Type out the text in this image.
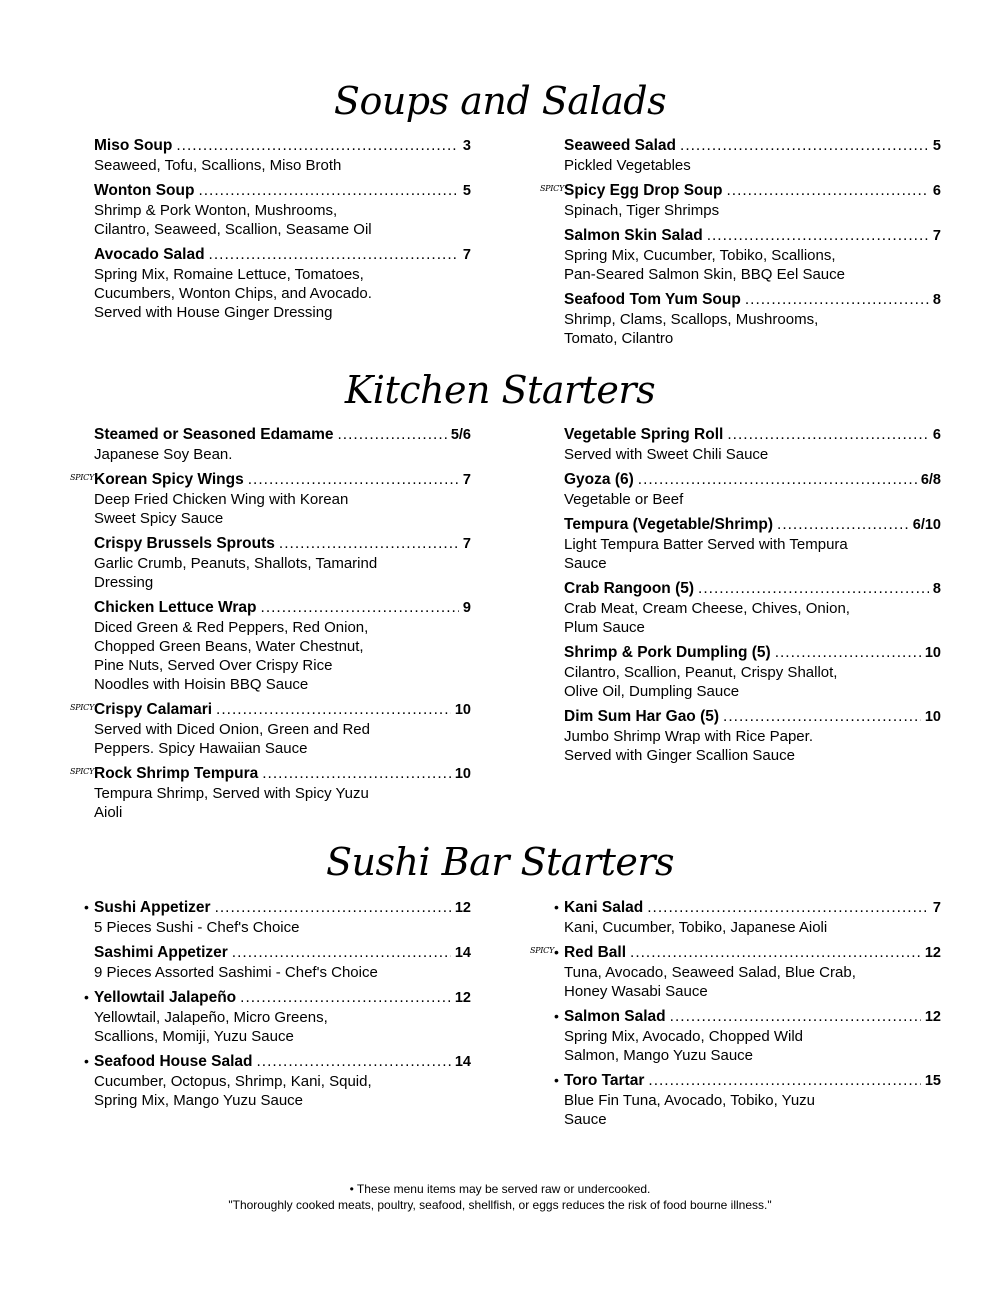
Soups and Salads
Miso Soup .....	3
Seaweed, Tofu, Scallions, Miso Broth
Wonton Soup .....	5
Shrimp & Pork Wonton, Mushrooms,
Cilantro, Seaweed, Scallion, Seasame Oil
Avocado Salad .....	7
Spring Mix, Romaine Lettuce, Tomatoes,
Cucumbers, Wonton Chips, and Avocado.
Served with House Ginger Dressing
Seaweed Salad .....	5
Pickled Vegetables
SPICY Spicy Egg Drop Soup .....	6
Spinach, Tiger Shrimps
Salmon Skin Salad .....	7
Spring Mix, Cucumber, Tobiko, Scallions,
Pan-Seared Salmon Skin, BBQ Eel Sauce
Seafood Tom Yum Soup .....	8
Shrimp, Clams, Scallops, Mushrooms,
Tomato, Cilantro
Kitchen Starters
Steamed or Seasoned Edamame .....	5/6
Japanese Soy Bean.
SPICY Korean Spicy Wings .....	7
Deep Fried Chicken Wing with Korean
Sweet Spicy Sauce
Crispy Brussels Sprouts .....	7
Garlic Crumb, Peanuts, Shallots, Tamarind
Dressing
Chicken Lettuce Wrap .....	9
Diced Green & Red Peppers, Red Onion,
Chopped Green Beans, Water Chestnut,
Pine Nuts, Served Over Crispy Rice
Noodles with Hoisin BBQ Sauce
SPICY Crispy Calamari .....	10
Served with Diced Onion, Green and Red
Peppers. Spicy Hawaiian Sauce
SPICY Rock Shrimp Tempura .....	10
Tempura Shrimp, Served with Spicy Yuzu
Aioli
Vegetable Spring Roll .....	6
Served with Sweet Chili Sauce
Gyoza (6) .....	6/8
Vegetable or Beef
Tempura (Vegetable/Shrimp) .....	6/10
Light Tempura Batter Served with Tempura
Sauce
Crab Rangoon (5) .....	8
Crab Meat, Cream Cheese, Chives, Onion,
Plum Sauce
Shrimp & Pork Dumpling (5) .....	10
Cilantro, Scallion, Peanut, Crispy Shallot,
Olive Oil, Dumpling Sauce
Dim Sum Har Gao (5) .....	10
Jumbo Shrimp Wrap with Rice Paper.
Served with Ginger Scallion Sauce
Sushi Bar Starters
• Sushi Appetizer .....	12
5 Pieces Sushi - Chef's Choice
Sashimi Appetizer .....	14
9 Pieces Assorted Sashimi - Chef's Choice
• Yellowtail Jalapeño .....	12
Yellowtail, Jalapeño, Micro Greens,
Scallions, Momiji, Yuzu Sauce
• Seafood House Salad .....	14
Cucumber, Octopus, Shrimp, Kani, Squid,
Spring Mix, Mango Yuzu Sauce
• Kani Salad .....	7
Kani, Cucumber, Tobiko, Japanese Aioli
SPICY • Red Ball .....	12
Tuna, Avocado, Seaweed Salad, Blue Crab,
Honey Wasabi Sauce
• Salmon Salad .....	12
Spring Mix, Avocado, Chopped Wild
Salmon, Mango Yuzu Sauce
• Toro Tartar .....	15
Blue Fin Tuna, Avocado, Tobiko, Yuzu
Sauce
• These menu items may be served raw or undercooked.
"Thoroughly cooked meats, poultry, seafood, shellfish, or eggs reduces the risk of food bourne illness."
